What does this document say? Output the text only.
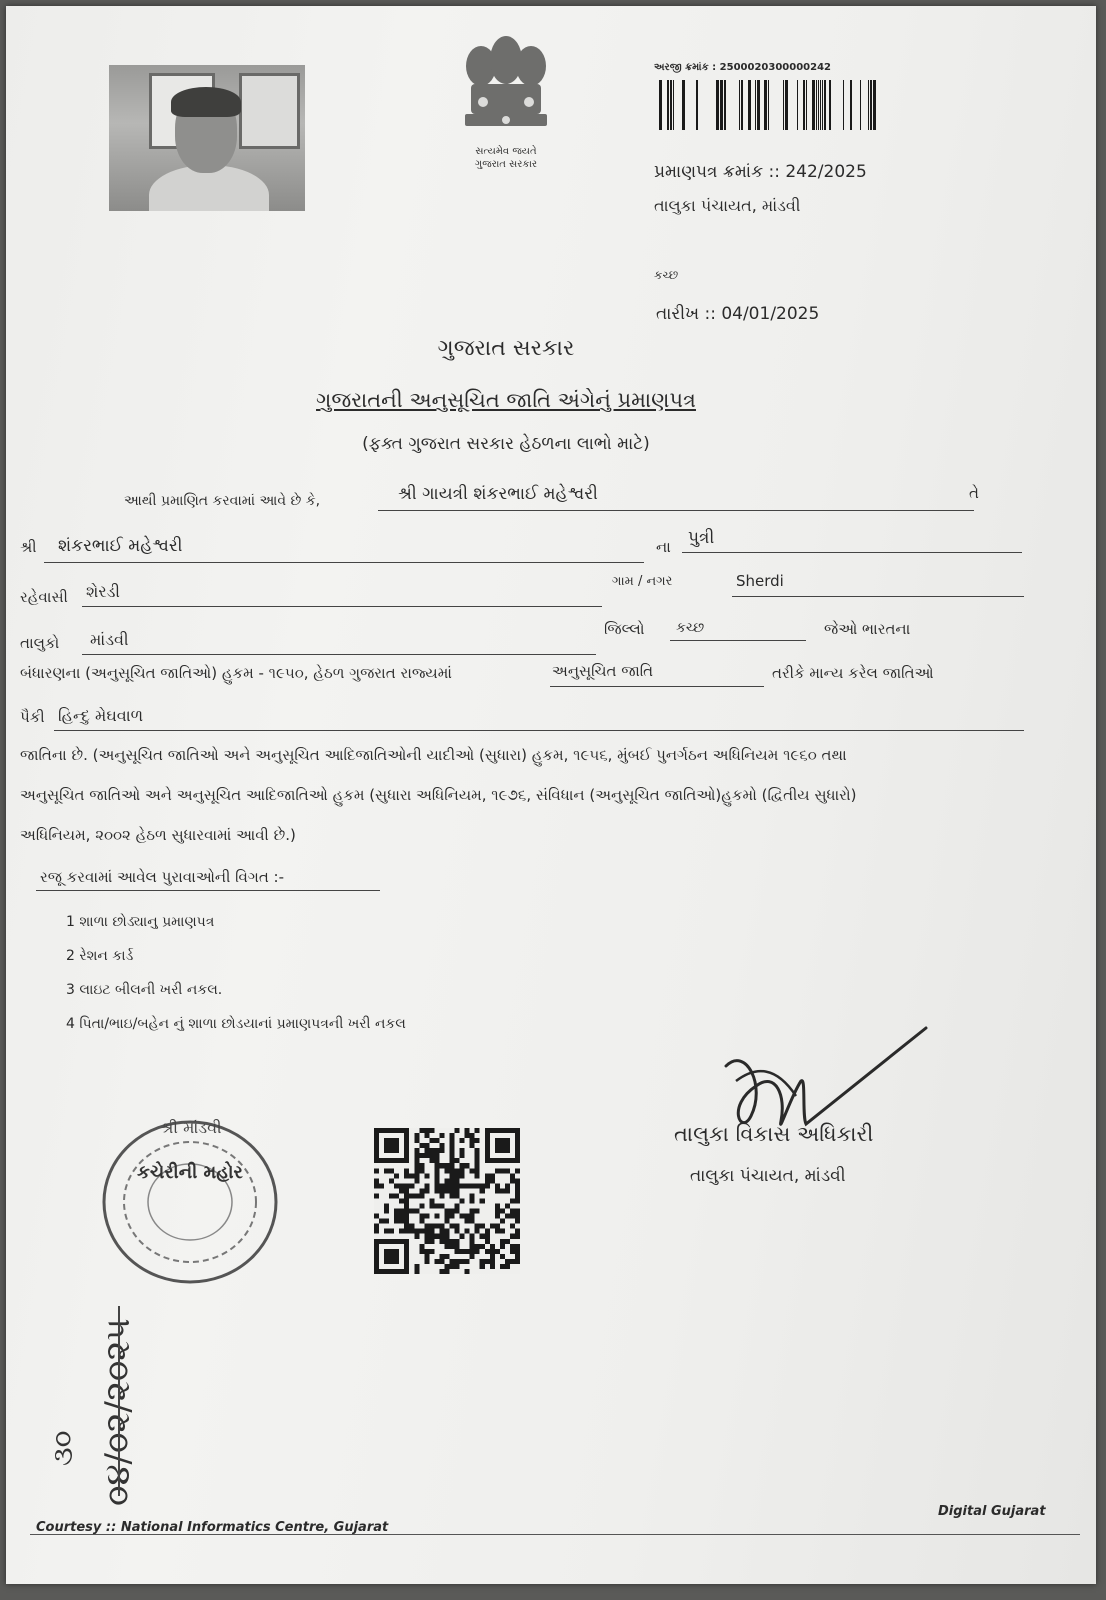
સત્યમેવ જયતે
ગુજરાત સરકાર
અરજી ક્રમાંક : 2500020300000242
પ્રમાણપત્ર ક્રમાંક :: 242/2025
તાલુકા પંચાયત, માંડવી
કચ્છ
તારીખ :: 04/01/2025
ગુજરાત સરકાર
ગુજરાતની અનુસૂચિત જાતિ અંગેનું પ્રમાણપત્ર
(ફક્ત ગુજરાત સરકાર હેઠળના લાભો માટે)
આથી પ્રમાણિત કરવામાં આવે છે કે,	શ્રી ગાયત્રી શંકરભાઈ મહેશ્વરી	તે
શ્રી શંકરભાઈ મહેશ્વરી	ના પુત્રી
રહેવાસી શેરડી
ગામ / નગર	Sherdi
તાલુકો માંડવી
જિલ્લો કચ્છ	જેઓ ભારતના
બંધારણના (અનુસૂચિત જાતિઓ) હુકમ - ૧૯૫૦, હેઠળ ગુજરાત રાજ્યમાં	અનુસૂચિત જાતિ	તરીકે માન્ય કરેલ જાતિઓ
પૈકી હિન્દુ મેઘવાળ
જાતિના છે. (અનુસૂચિત જાતિઓ અને અનુસૂચિત આદિજાતિઓની યાદીઓ (સુધારા) હુકમ, ૧૯૫૬, મુંબઈ પુનર્ગઠન અધિનિયમ ૧૯૬૦ તથા
અનુસૂચિત જાતિઓ અને અનુસૂચિત આદિજાતિઓ હુકમ (સુધારા અધિનિયમ, ૧૯૭૬, સંવિધાન (અનુસૂચિત જાતિઓ)હુકમો (દ્વિતીય સુધારો)
અધિનિયમ, ૨૦૦૨ હેઠળ સુધારવામાં આવી છે.)
રજૂ કરવામાં આવેલ પુરાવાઓની વિગત :-
1 શાળા છોડ્યાનુ પ્રમાણપત્ર
2 રેશન કાર્ડ
3 લાઇટ બીલની ખરી નકલ.
4 પિતા/ભાઇ/બહેન નું શાળા છોડયાનાં પ્રમાણપત્રની ખરી નકલ
શ્રી માંડવી
કચેરીની મહોર
તાલુકા વિકાસ અધિકારી
તાલુકા પંચાયત, માંડવી
૩૦ ૦૪/૦૨/૨૦૨૫
Courtesy :: National Informatics Centre, Gujarat
Digital Gujarat
